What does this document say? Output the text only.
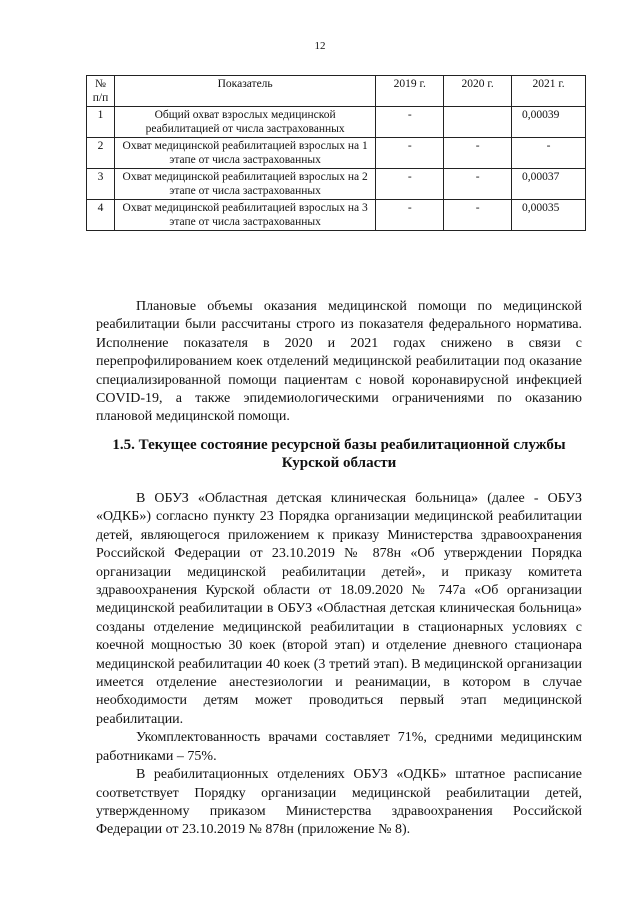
12
№ п/п	Показатель	2019 г.	2020 г.	2021 г.
1	Общий охват взрослых медицинской реабилитацией от числа застрахованных	-		0,00039
2	Охват медицинской реабилитацией взрослых на 1 этапе от числа застрахованных	-	-	-
3	Охват медицинской реабилитацией взрослых на 2 этапе от числа застрахованных	-	-	0,00037
4	Охват медицинской реабилитацией взрослых на 3 этапе от числа застрахованных	-	-	0,00035

Плановые объемы оказания медицинской помощи по медицинской реабилитации были рассчитаны строго из показателя федерального норматива. Исполнение показателя в 2020 и 2021 годах снижено в связи с перепрофилированием коек отделений медицинской реабилитации под оказание специализированной помощи пациентам с новой коронавирусной инфекцией COVID-19, а также эпидемиологическими ограничениями по оказанию плановой медицинской помощи.

1.5. Текущее состояние ресурсной базы реабилитационной службы Курской области

В ОБУЗ «Областная детская клиническая больница» (далее - ОБУЗ «ОДКБ») согласно пункту 23 Порядка организации медицинской реабилитации детей, являющегося приложением к приказу Министерства здравоохранения Российской Федерации от 23.10.2019 № 878н «Об утверждении Порядка организации медицинской реабилитации детей», и приказу комитета здравоохранения Курской области от 18.09.2020 № 747а «Об организации медицинской реабилитации в ОБУЗ «Областная детская клиническая больница» созданы отделение медицинской реабилитации в стационарных условиях с коечной мощностью 30 коек (второй этап) и отделение дневного стационара медицинской реабилитации 40 коек (3 третий этап). В медицинской организации имеется отделение анестезиологии и реанимации, в котором в случае необходимости детям может проводиться первый этап медицинской реабилитации.

Укомплектованность врачами составляет 71%, средними медицинским работниками – 75%.

В реабилитационных отделениях ОБУЗ «ОДКБ» штатное расписание соответствует Порядку организации медицинской реабилитации детей, утвержденному приказом Министерства здравоохранения Российской Федерации от 23.10.2019 № 878н (приложение № 8).
